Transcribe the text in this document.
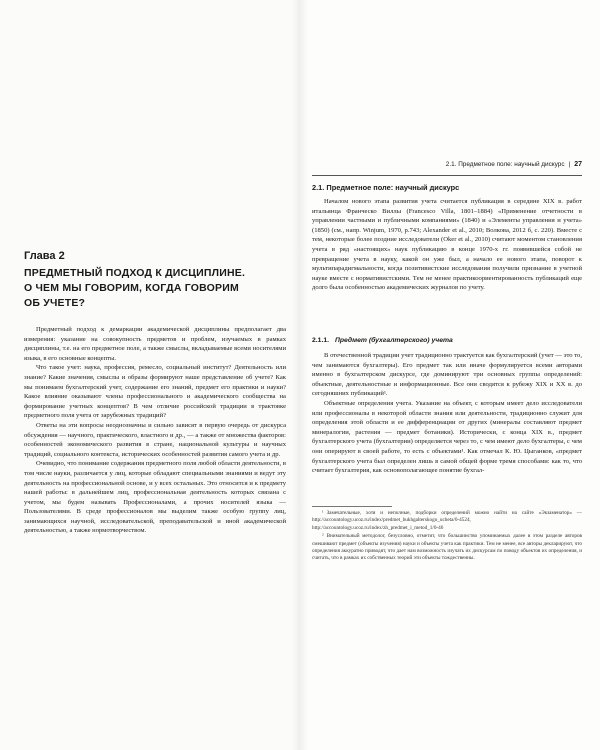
Глава 2

ПРЕДМЕТНЫЙ ПОДХОД К ДИСЦИПЛИНЕ.
О ЧЕМ МЫ ГОВОРИМ, КОГДА ГОВОРИМ
ОБ УЧЕТЕ?

Предметный подход к демаркации академической дисциплины предполагает два измерения: указание на совокупность предметов и проблем, изучаемых в рамках дисциплины, т.е. на его предметное поле, а также смыслы, вкладываемые всеми носителями языка, в его основные концепты.

Что такое учет: наука, профессия, ремесло, социальный институт? Деятельность или знание? Какие значения, смыслы и образы формируют наше представление об учете? Как мы понимаем бухгалтерский учет, содержание его знаний, предмет его практики и науки? Какое влияние оказывают члены профессионального и академического сообщества на формирование учетных концептов? В чем отличие российской традиции в трактовке предметного поля учета от зарубежных традиций?

Ответы на эти вопросы неоднозначны и сильно зависят в первую очередь от дискурса обсуждения — научного, практического, властного и др., — а также от множества факторов: особенностей экономического развития в стране, национальной культуры и научных традиций, социального контекста, исторических особенностей развития самого учета и др.

Очевидно, что понимание содержания предметного поля любой области деятельности, в том числе науки, различается у лиц, которые обладают специальными знаниями и ведут эту деятельность на профессиональной основе, и у всех остальных. Это относится и к предмету нашей работы: в дальнейшем лиц, профессиональная деятельность которых связана с учетом, мы будем называть Профессионалами, а прочих носителей языка — Пользователями. В среде профессионалов мы выделим также особую группу лиц, занимающихся научной, исследовательской, преподавательской и иной академической деятельностью, а также нормотворчеством.

2.1. Предметное поле: научный дискурс | 27

2.1. Предметное поле: научный дискурс

Началом нового этапа развития учета считается публикация в середине XIX в. работ итальянца Франческо Виллы (Francesco Villa, 1801–1884) «Применение отчетности в управлении частными и публичными компаниями» (1840) и «Элементы управления и учета» (1850) (см., напр. Winjum, 1970, p.743; Alexander et al., 2010; Волкова, 2012 б, с. 220). Вместе с тем, некоторые более поздние исследователи (Oker et al., 2010) считают моментом становления учета в ряд «настоящих» наук публикацию в конце 1970-х гг. появившейся собой не превращение учета в науку, какой он уже был, а начало ее нового этапа, поворот к мультипарадигмальности, когда позитивистские исследования получили признание в учетной науке вместе с нормативистскими. Тем не менее практикоориентированность публикаций еще долго была особенностью академических журналов по учету.

2.1.1. Предмет (бухгалтерского) учета

В отечественной традиции учет традиционно трактуется как бухгалтерский (учет — это то, чем занимаются бухгалтеры). Его предмет так или иначе формулируется всеми авторами именно в бухгалтерском дискурсе, где доминируют три основных группы определений: объектные, деятельностные и информационные. Все они сводятся к рубежу XIX и XX в. до сегодняшних публикаций¹.

Объектные определения учета. Указание на объект, с которым имеет дело исследователи или профессионалы в некоторой области знания или деятельности, традиционно служит для определения этой области и ее дифференциации от других (минералы составляют предмет минералогии, растения — предмет ботаники). Исторически, с конца XIX в., предмет бухгалтерского учета (бухгалтерии) определяется через то, с чем имеют дело бухгалтеры, с чем они оперируют в своей работе, то есть с объектами¹. Как отмечал К. Ю. Цыганков, «предмет бухгалтерского учета был определен лишь в самой общей форме тремя способами: как то, что считает бухгалтерия, как основополагающее понятие бухгал-

¹ Замечательные, хотя и неполные, подборки определений можно найти на сайте «Экзаменатор» — http://accountology.ucoz.ru/index/predmet_bukhgalterskogo_ucheta/0-4524, http://accountology.ucoz.ru/index/zh_predmet_i_metod_1/0-46

² Внимательный методолог, безусловно, отметит, что большинство упоминаемых далее в этом разделе авторов смешивают предмет (объекты изучения) науки и объекты учета как практики. Тем не менее, все авторы декларируют, что определения аккуратно приводят, что дает нам возможность изучать их дискурсам по поводу объектов их определения, и считать, что в рамках их собственных теорий эти объекты тождественны.
